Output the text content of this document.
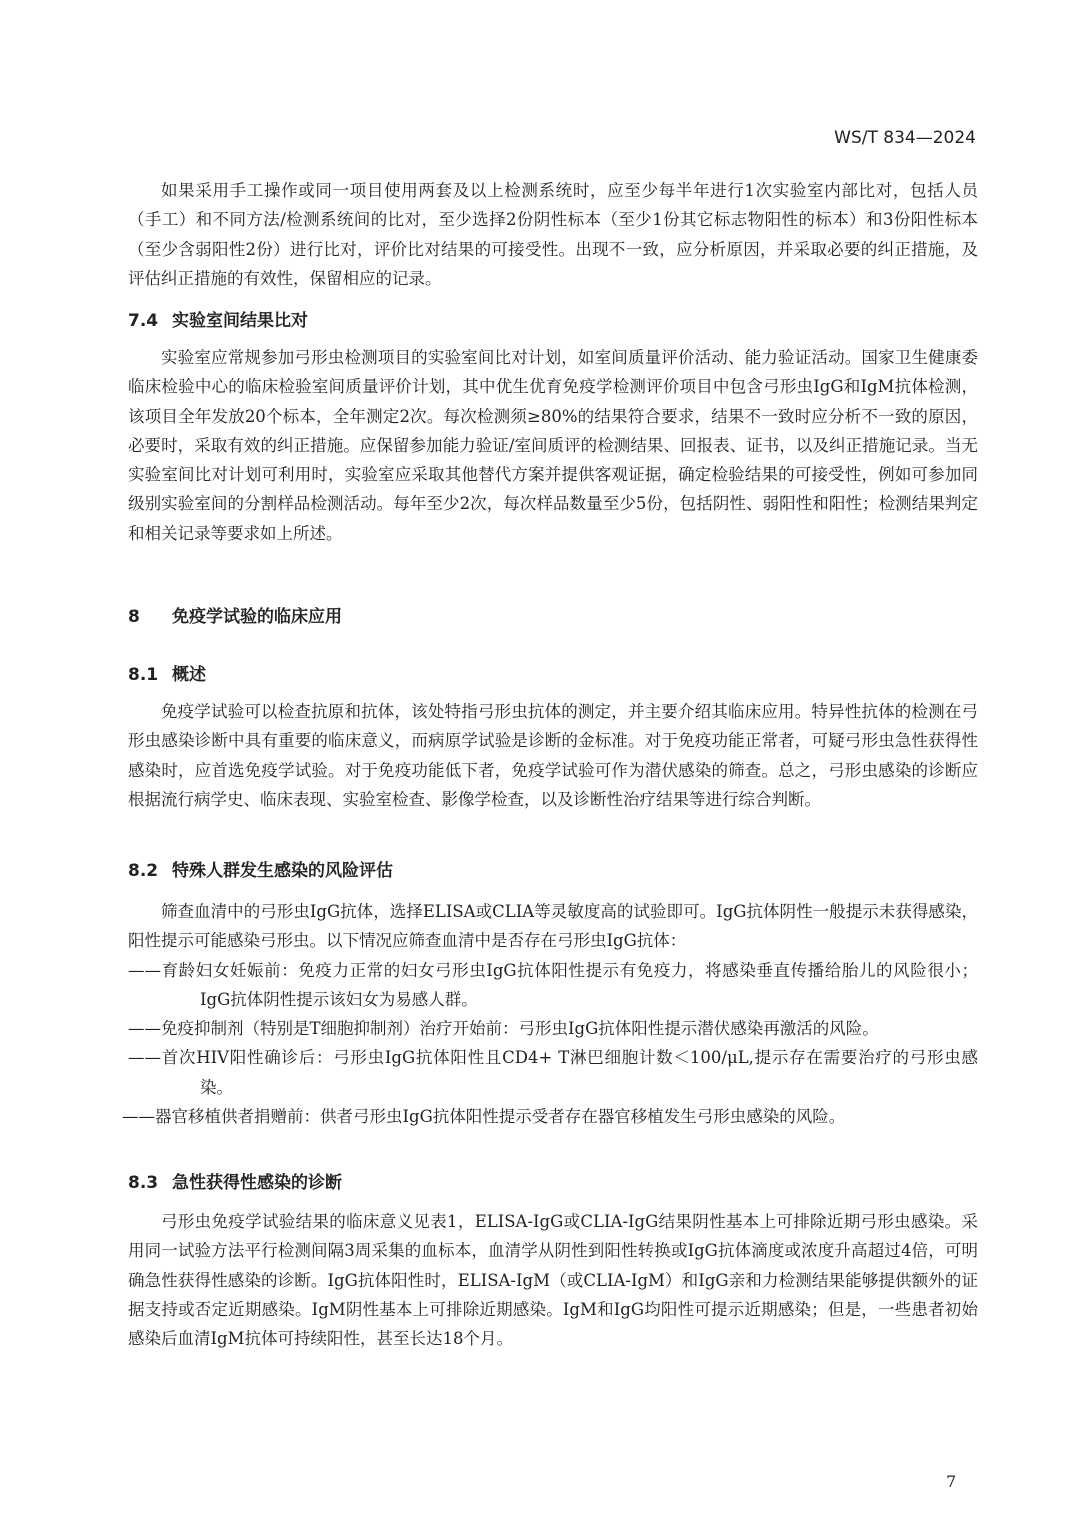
WS/T 834—2024

如果采用手工操作或同一项目使用两套及以上检测系统时，应至少每半年进行1次实验室内部比对，包括人员（手工）和不同方法/检测系统间的比对，至少选择2份阴性标本（至少1份其它标志物阳性的标本）和3份阳性标本（至少含弱阳性2份）进行比对，评价比对结果的可接受性。出现不一致，应分析原因，并采取必要的纠正措施，及评估纠正措施的有效性，保留相应的记录。

7.4 实验室间结果比对

实验室应常规参加弓形虫检测项目的实验室间比对计划，如室间质量评价活动、能力验证活动。国家卫生健康委临床检验中心的临床检验室间质量评价计划，其中优生优育免疫学检测评价项目中包含弓形虫IgG和IgM抗体检测，该项目全年发放20个标本，全年测定2次。每次检测须≥80%的结果符合要求，结果不一致时应分析不一致的原因，必要时，采取有效的纠正措施。应保留参加能力验证/室间质评的检测结果、回报表、证书，以及纠正措施记录。当无实验室间比对计划可利用时，实验室应采取其他替代方案并提供客观证据，确定检验结果的可接受性，例如可参加同级别实验室间的分割样品检测活动。每年至少2次，每次样品数量至少5份，包括阴性、弱阳性和阳性；检测结果判定和相关记录等要求如上所述。

8 免疫学试验的临床应用
8.1 概述

免疫学试验可以检查抗原和抗体，该处特指弓形虫抗体的测定，并主要介绍其临床应用。特异性抗体的检测在弓形虫感染诊断中具有重要的临床意义，而病原学试验是诊断的金标准。对于免疫功能正常者，可疑弓形虫急性获得性感染时，应首选免疫学试验。对于免疫功能低下者，免疫学试验可作为潜伏感染的筛查。总之，弓形虫感染的诊断应根据流行病学史、临床表现、实验室检查、影像学检查，以及诊断性治疗结果等进行综合判断。

8.2 特殊人群发生感染的风险评估

筛查血清中的弓形虫IgG抗体，选择ELISA或CLIA等灵敏度高的试验即可。IgG抗体阴性一般提示未获得感染，阳性提示可能感染弓形虫。以下情况应筛查血清中是否存在弓形虫IgG抗体：

——育龄妇女妊娠前：免疫力正常的妇女弓形虫IgG抗体阳性提示有免疫力，将感染垂直传播给胎儿的风险很小；IgG抗体阴性提示该妇女为易感人群。

——免疫抑制剂（特别是T细胞抑制剂）治疗开始前：弓形虫IgG抗体阳性提示潜伏感染再激活的风险。

——首次HIV阳性确诊后：弓形虫IgG抗体阳性且CD4+ T淋巴细胞计数＜100/μL,提示存在需要治疗的弓形虫感染。

——器官移植供者捐赠前：供者弓形虫IgG抗体阳性提示受者存在器官移植发生弓形虫感染的风险。

8.3 急性获得性感染的诊断

弓形虫免疫学试验结果的临床意义见表1，ELISA-IgG或CLIA-IgG结果阴性基本上可排除近期弓形虫感染。采用同一试验方法平行检测间隔3周采集的血标本，血清学从阴性到阳性转换或IgG抗体滴度或浓度升高超过4倍，可明确急性获得性感染的诊断。IgG抗体阳性时，ELISA-IgM（或CLIA-IgM）和IgG亲和力检测结果能够提供额外的证据支持或否定近期感染。IgM阴性基本上可排除近期感染。IgM和IgG均阳性可提示近期感染；但是，一些患者初始感染后血清IgM抗体可持续阳性，甚至长达18个月。

7
